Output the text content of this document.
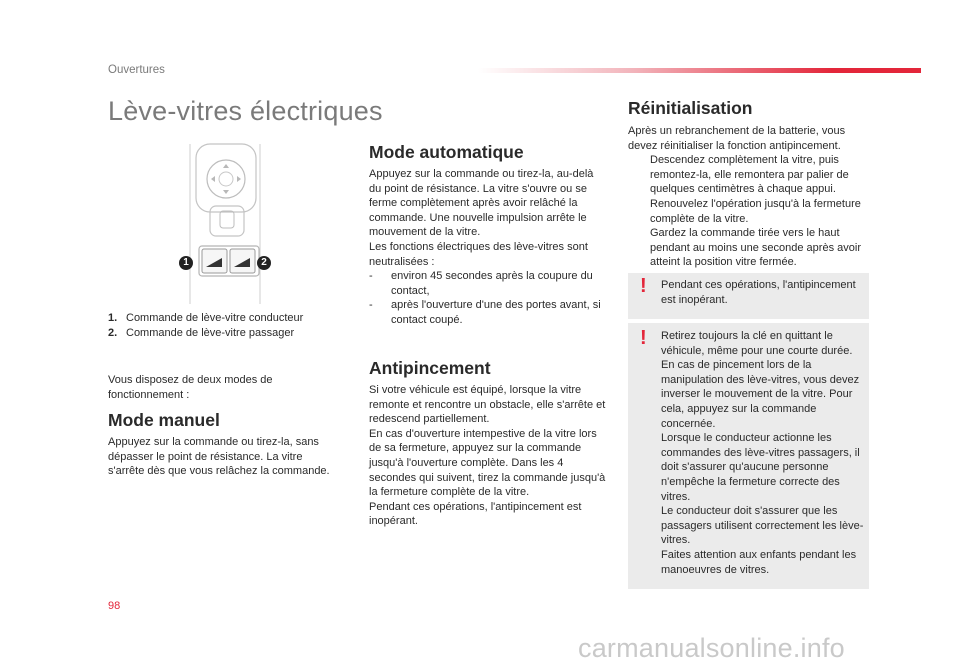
Ouvertures
Lève-vitres électriques
1	2
1. Commande de lève-vitre conducteur
2. Commande de lève-vitre passager
Vous disposez de deux modes de fonctionnement :
Mode manuel
Appuyez sur la commande ou tirez-la, sans dépasser le point de résistance. La vitre s'arrête dès que vous relâchez la commande.
Mode automatique

Appuyez sur la commande ou tirez-la, au-delà du point de résistance. La vitre s'ouvre ou se ferme complètement après avoir relâché la commande. Une nouvelle impulsion arrête le mouvement de la vitre.

Les fonctions électriques des lève-vitres sont neutralisées :

- environ 45 secondes après la coupure du contact,
- après l'ouverture d'une des portes avant, si contact coupé.
Antipincement
Si votre véhicule est équipé, lorsque la vitre remonte et rencontre un obstacle, elle s'arrête et redescend partiellement.
En cas d'ouverture intempestive de la vitre lors de sa fermeture, appuyez sur la commande jusqu'à l'ouverture complète. Dans les 4 secondes qui suivent, tirez la commande jusqu'à la fermeture complète de la vitre.
Pendant ces opérations, l'antipincement est inopérant.
Réinitialisation

Après un rebranchement de la batterie, vous devez réinitialiser la fonction antipincement.

Descendez complètement la vitre, puis remontez-la, elle remontera par palier de quelques centimètres à chaque appui.
Renouvelez l'opération jusqu'à la fermeture complète de la vitre.
Gardez la commande tirée vers le haut pendant au moins une seconde après avoir atteint la position vitre fermée.
! Pendant ces opérations, l'antipincement est inopérant.
! Retirez toujours la clé en quittant le véhicule, même pour une courte durée.
En cas de pincement lors de la manipulation des lève-vitres, vous devez inverser le mouvement de la vitre. Pour cela, appuyez sur la commande concernée.
Lorsque le conducteur actionne les commandes des lève-vitres passagers, il doit s'assurer qu'aucune personne n'empêche la fermeture correcte des vitres.
Le conducteur doit s'assurer que les passagers utilisent correctement les lève-vitres.
Faites attention aux enfants pendant les manoeuvres de vitres.
98
carmanualsonline.info
